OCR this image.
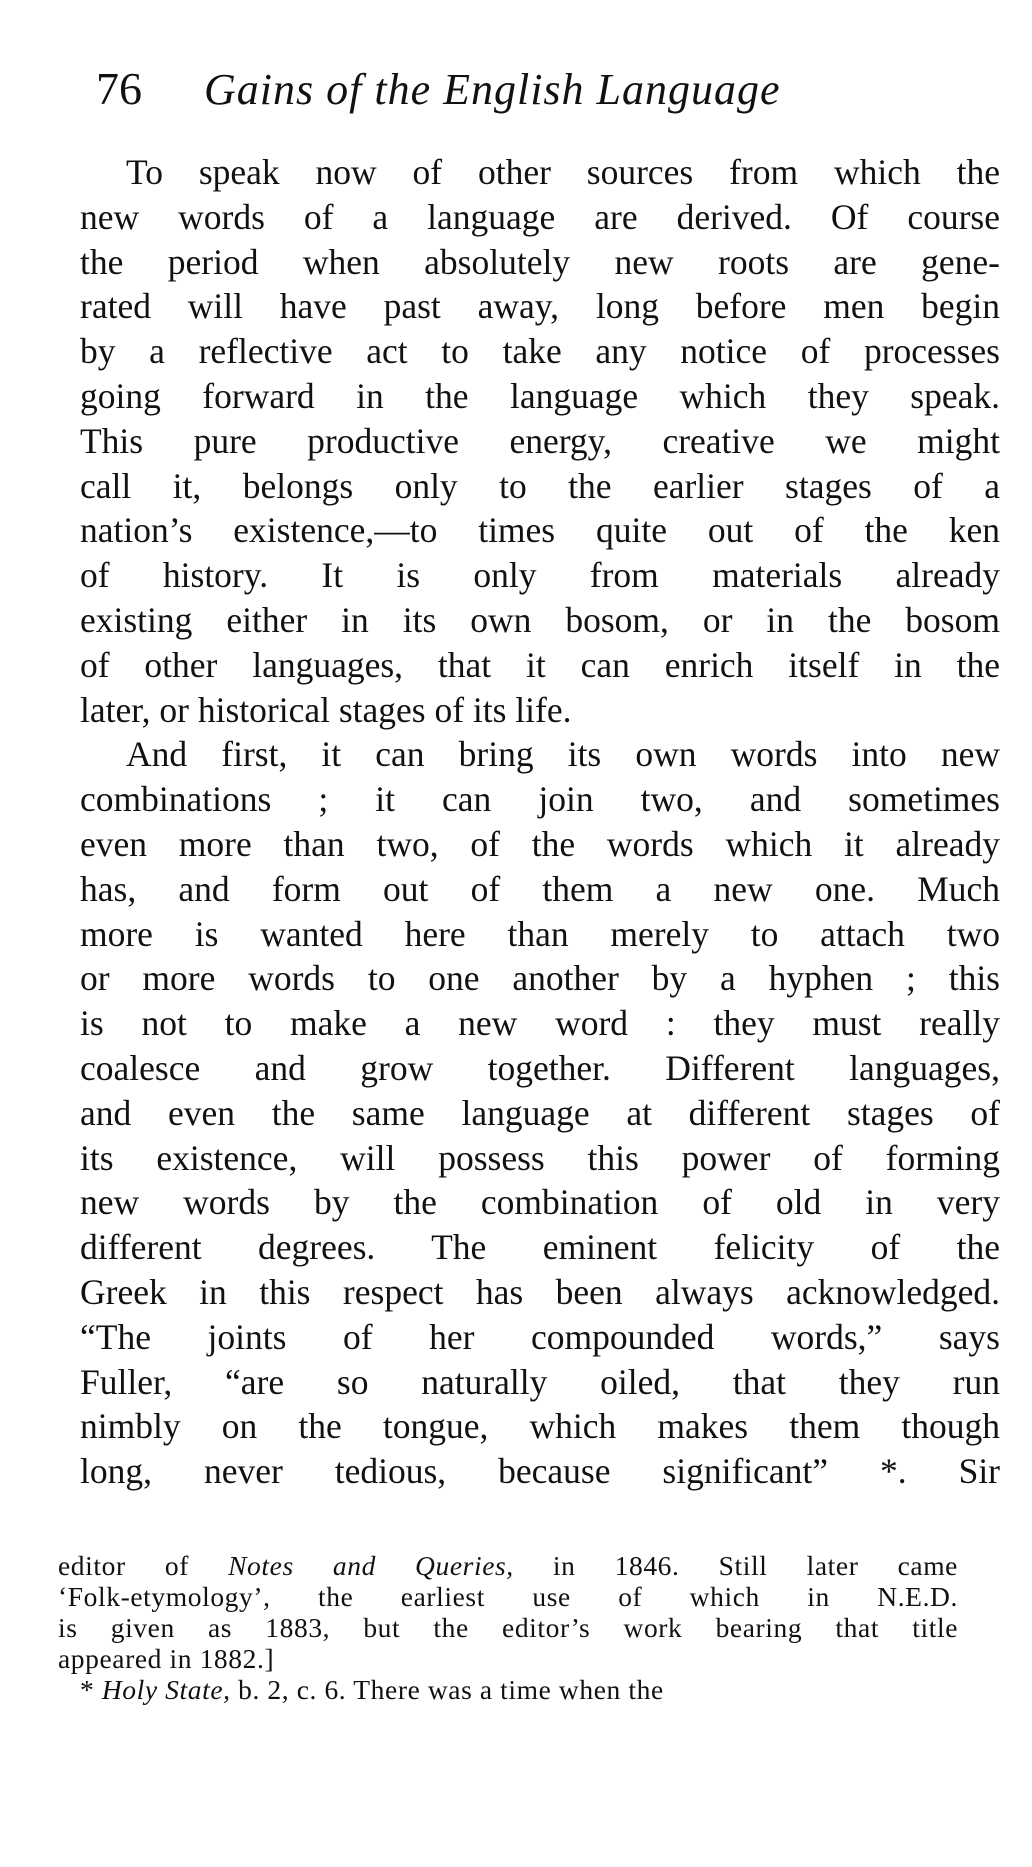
76 Gains of the English Language
To speak now of other sources from which the
new words of a language are derived. Of course
the period when absolutely new roots are gene-
rated will have past away, long before men begin
by a reflective act to take any notice of processes
going forward in the language which they speak.
This pure productive energy, creative we might
call it, belongs only to the earlier stages of a
nation’s existence,—to times quite out of the ken
of history. It is only from materials already
existing either in its own bosom, or in the bosom
of other languages, that it can enrich itself in the
later, or historical stages of its life.
And first, it can bring its own words into new
combinations ; it can join two, and sometimes
even more than two, of the words which it already
has, and form out of them a new one. Much
more is wanted here than merely to attach two
or more words to one another by a hyphen ; this
is not to make a new word : they must really
coalesce and grow together. Different languages,
and even the same language at different stages of
its existence, will possess this power of forming
new words by the combination of old in very
different degrees. The eminent felicity of the
Greek in this respect has been always acknowledged.
“The joints of her compounded words,” says
Fuller, “are so naturally oiled, that they run
nimbly on the tongue, which makes them though
long, never tedious, because significant” *. Sir
editor of Notes and Queries, in 1846. Still later came
‘Folk-etymology’, the earliest use of which in N.E.D.
is given as 1883, but the editor’s work bearing that title
appeared in 1882.]
* Holy State, b. 2, c. 6. There was a time when the
